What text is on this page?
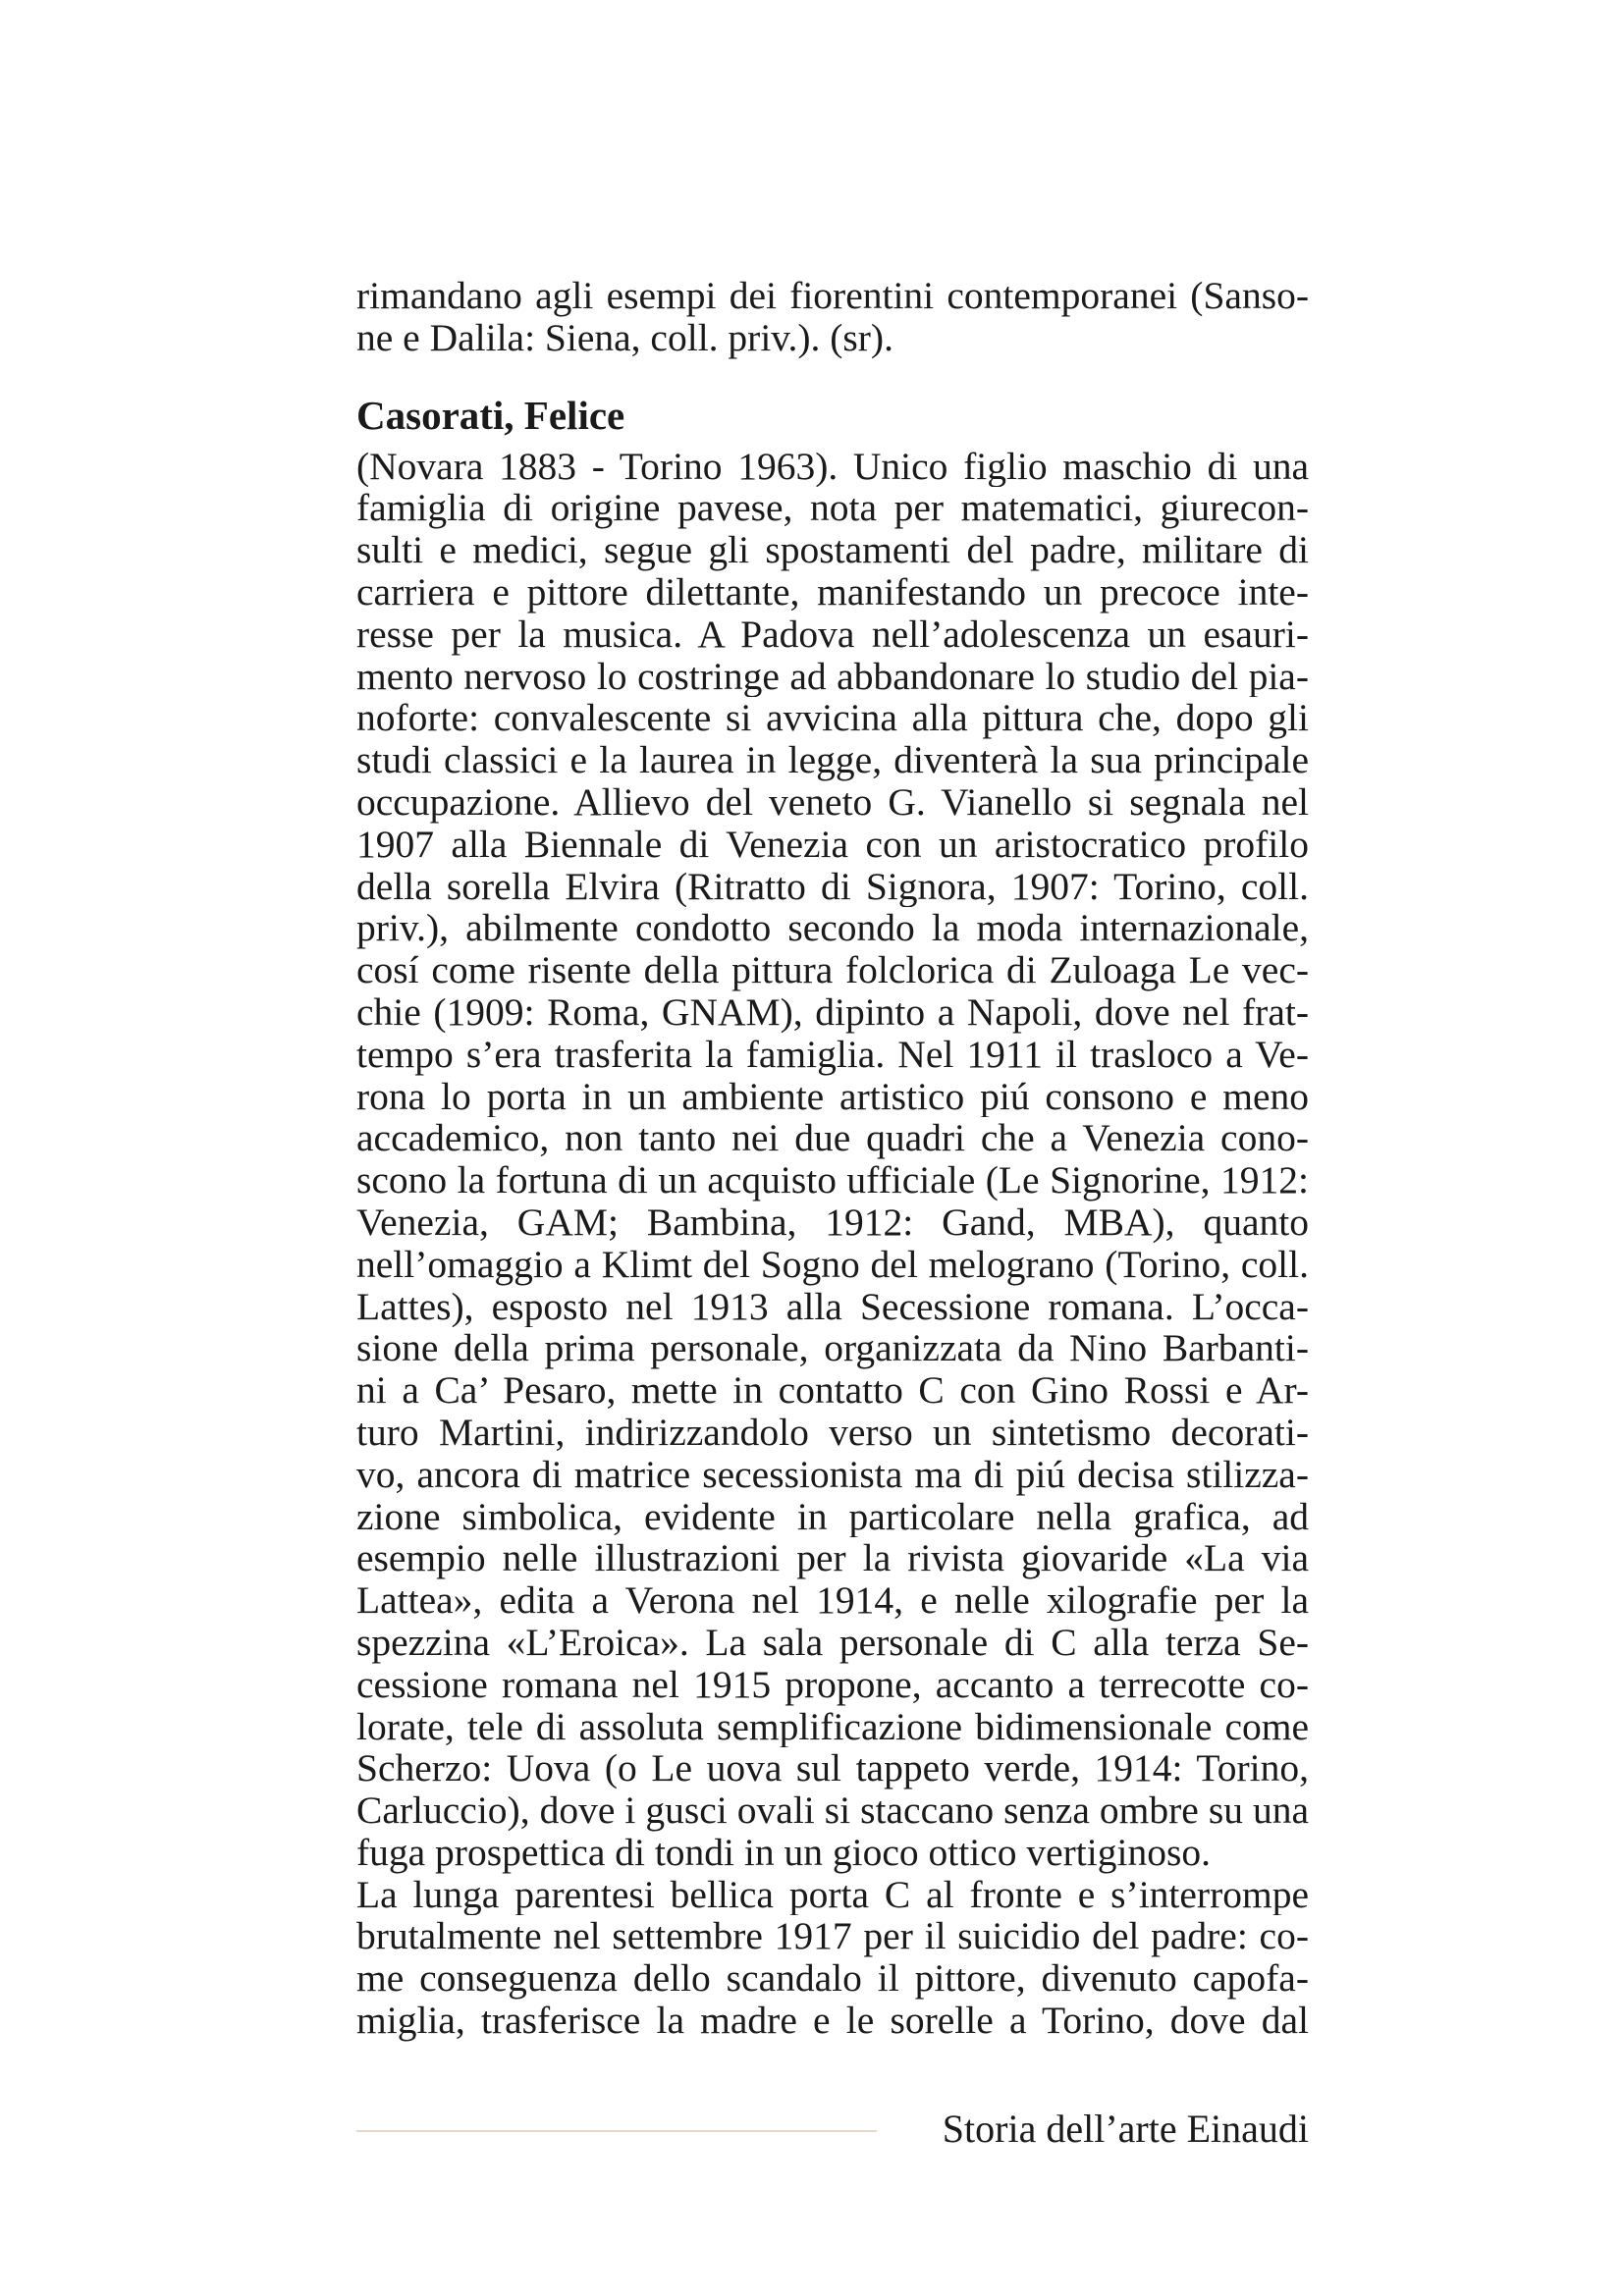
rimandano agli esempi dei fiorentini contemporanei (Sanso-
ne e Dalila: Siena, coll. priv.). (sr).
Casorati, Felice
(Novara 1883 - Torino 1963). Unico figlio maschio di una
famiglia di origine pavese, nota per matematici, giurecon-
sulti e medici, segue gli spostamenti del padre, militare di
carriera e pittore dilettante, manifestando un precoce inte-
resse per la musica. A Padova nell’adolescenza un esauri-
mento nervoso lo costringe ad abbandonare lo studio del pia-
noforte: convalescente si avvicina alla pittura che, dopo gli
studi classici e la laurea in legge, diventerà la sua principale
occupazione. Allievo del veneto G. Vianello si segnala nel
1907 alla Biennale di Venezia con un aristocratico profilo
della sorella Elvira (Ritratto di Signora, 1907: Torino, coll.
priv.), abilmente condotto secondo la moda internazionale,
cosí come risente della pittura folclorica di Zuloaga Le vec-
chie (1909: Roma, GNAM), dipinto a Napoli, dove nel frat-
tempo s’era trasferita la famiglia. Nel 1911 il trasloco a Ve-
rona lo porta in un ambiente artistico piú consono e meno
accademico, non tanto nei due quadri che a Venezia cono-
scono la fortuna di un acquisto ufficiale (Le Signorine, 1912:
Venezia, GAM; Bambina, 1912: Gand, MBA), quanto
nell’omaggio a Klimt del Sogno del melograno (Torino, coll.
Lattes), esposto nel 1913 alla Secessione romana. L’occa-
sione della prima personale, organizzata da Nino Barbanti-
ni a Ca’ Pesaro, mette in contatto C con Gino Rossi e Ar-
turo Martini, indirizzandolo verso un sintetismo decorati-
vo, ancora di matrice secessionista ma di piú decisa stilizza-
zione simbolica, evidente in particolare nella grafica, ad
esempio nelle illustrazioni per la rivista giovaride «La via
Lattea», edita a Verona nel 1914, e nelle xilografie per la
spezzina «L’Eroica». La sala personale di C alla terza Se-
cessione romana nel 1915 propone, accanto a terrecotte co-
lorate, tele di assoluta semplificazione bidimensionale come
Scherzo: Uova (o Le uova sul tappeto verde, 1914: Torino,
Carluccio), dove i gusci ovali si staccano senza ombre su una
fuga prospettica di tondi in un gioco ottico vertiginoso.
La lunga parentesi bellica porta C al fronte e s’interrompe
brutalmente nel settembre 1917 per il suicidio del padre: co-
me conseguenza dello scandalo il pittore, divenuto capofa-
miglia, trasferisce la madre e le sorelle a Torino, dove dal
Storia dell’arte Einaudi
